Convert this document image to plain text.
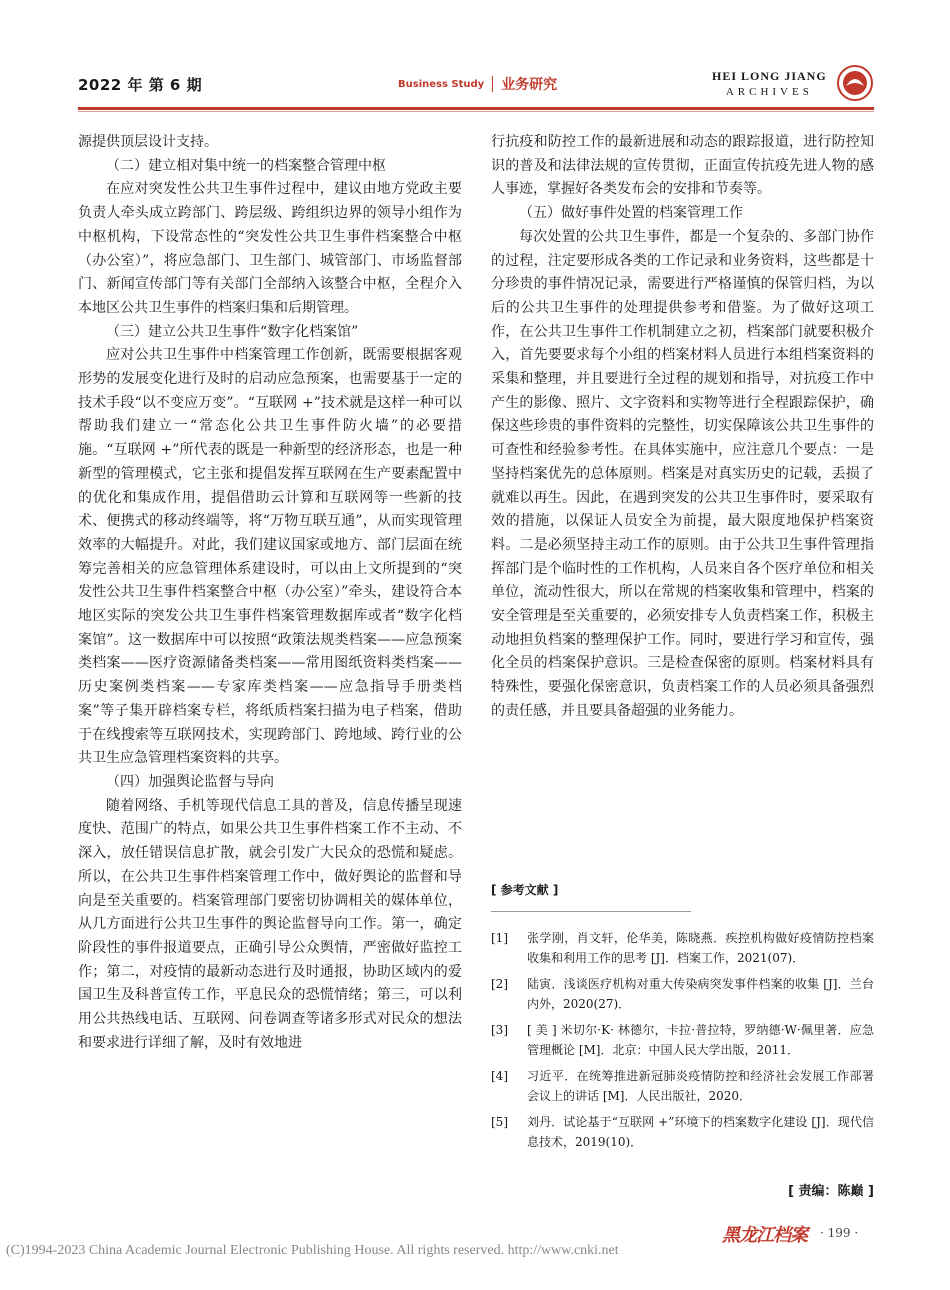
2022 年 第 6 期	Business Study 业务研究
HEI LONG JIANG
ARCHIVES

源提供顶层设计支持。

（二）建立相对集中统一的档案整合管理中枢

在应对突发性公共卫生事件过程中，建议由地方党政主要负责人牵头成立跨部门、跨层级、跨组织边界的领导小组作为中枢机构，下设常态性的“突发性公共卫生事件档案整合中枢（办公室）”，将应急部门、卫生部门、城管部门、市场监督部门、新闻宣传部门等有关部门全部纳入该整合中枢，全程介入本地区公共卫生事件的档案归集和后期管理。

（三）建立公共卫生事件“数字化档案馆”

应对公共卫生事件中档案管理工作创新，既需要根据客观形势的发展变化进行及时的启动应急预案，也需要基于一定的技术手段“以不变应万变”。“互联网 +”技术就是这样一种可以帮助我们建立一“常态化公共卫生事件防火墙”的必要措施。“互联网 +”所代表的既是一种新型的经济形态，也是一种新型的管理模式，它主张和提倡发挥互联网在生产要素配置中的优化和集成作用，提倡借助云计算和互联网等一些新的技术、便携式的移动终端等，将“万物互联互通”，从而实现管理效率的大幅提升。对此，我们建议国家或地方、部门层面在统筹完善相关的应急管理体系建设时，可以由上文所提到的“突发性公共卫生事件档案整合中枢（办公室）”牵头，建设符合本地区实际的突发公共卫生事件档案管理数据库或者“数字化档案馆”。这一数据库中可以按照“政策法规类档案——应急预案类档案——医疗资源储备类档案——常用图纸资料类档案——历史案例类档案——专家库类档案——应急指导手册类档案”等子集开辟档案专栏，将纸质档案扫描为电子档案，借助于在线搜索等互联网技术，实现跨部门、跨地域、跨行业的公共卫生应急管理档案资料的共享。

（四）加强舆论监督与导向

随着网络、手机等现代信息工具的普及，信息传播呈现速度快、范围广的特点，如果公共卫生事件档案工作不主动、不深入，放任错误信息扩散，就会引发广大民众的恐慌和疑虑。所以，在公共卫生事件档案管理工作中，做好舆论的监督和导向是至关重要的。档案管理部门要密切协调相关的媒体单位，从几方面进行公共卫生事件的舆论监督导向工作。第一，确定阶段性的事件报道要点，正确引导公众舆情，严密做好监控工作；第二，对疫情的最新动态进行及时通报，协助区域内的爱国卫生及科普宣传工作，平息民众的恐慌情绪；第三，可以利用公共热线电话、互联网、问卷调查等诸多形式对民众的想法和要求进行详细了解，及时有效地进

行抗疫和防控工作的最新进展和动态的跟踪报道，进行防控知识的普及和法律法规的宣传贯彻，正面宣传抗疫先进人物的感人事迹，掌握好各类发布会的安排和节奏等。

（五）做好事件处置的档案管理工作

每次处置的公共卫生事件，都是一个复杂的、多部门协作的过程，注定要形成各类的工作记录和业务资料，这些都是十分珍贵的事件情况记录，需要进行严格谨慎的保管归档，为以后的公共卫生事件的处理提供参考和借鉴。为了做好这项工作，在公共卫生事件工作机制建立之初，档案部门就要积极介入，首先要要求每个小组的档案材料人员进行本组档案资料的采集和整理，并且要进行全过程的规划和指导，对抗疫工作中产生的影像、照片、文字资料和实物等进行全程跟踪保护，确保这些珍贵的事件资料的完整性，切实保障该公共卫生事件的可查性和经验参考性。在具体实施中，应注意几个要点：一是坚持档案优先的总体原则。档案是对真实历史的记载，丢损了就难以再生。因此，在遇到突发的公共卫生事件时，要采取有效的措施，以保证人员安全为前提，最大限度地保护档案资料。二是必须坚持主动工作的原则。由于公共卫生事件管理指挥部门是个临时性的工作机构，人员来自各个医疗单位和相关单位，流动性很大，所以在常规的档案收集和管理中，档案的安全管理是至关重要的，必须安排专人负责档案工作，积极主动地担负档案的整理保护工作。同时，要进行学习和宣传，强化全员的档案保护意识。三是检查保密的原则。档案材料具有特殊性，要强化保密意识，负责档案工作的人员必须具备强烈的责任感，并且要具备超强的业务能力。

[ 参考文献 ]
[1]	张学刚，肖文轩，伦华美，陈晓燕．疾控机构做好疫情防控档案收集和利用工作的思考 [J]．档案工作，2021(07)．
[2]	陆寅．浅谈医疗机构对重大传染病突发事件档案的收集 [J]．兰台内外，2020(27)．
[3]	[ 美 ] 米切尔·K· 林德尔，卡拉·普拉特，罗纳德·W·佩里著．应急管理概论 [M]．北京：中国人民大学出版，2011．
[4]	习近平．在统筹推进新冠肺炎疫情防控和经济社会发展工作部署会议上的讲话 [M]．人民出版社，2020．
[5]	刘丹．试论基于“互联网 +”环境下的档案数字化建设 [J]．现代信息技术，2019(10)．
[ 责编：陈巅 ]
黑龙江档案 · 199 ·
(C)1994-2023 China Academic Journal Electronic Publishing House. All rights reserved. http://www.cnki.net
